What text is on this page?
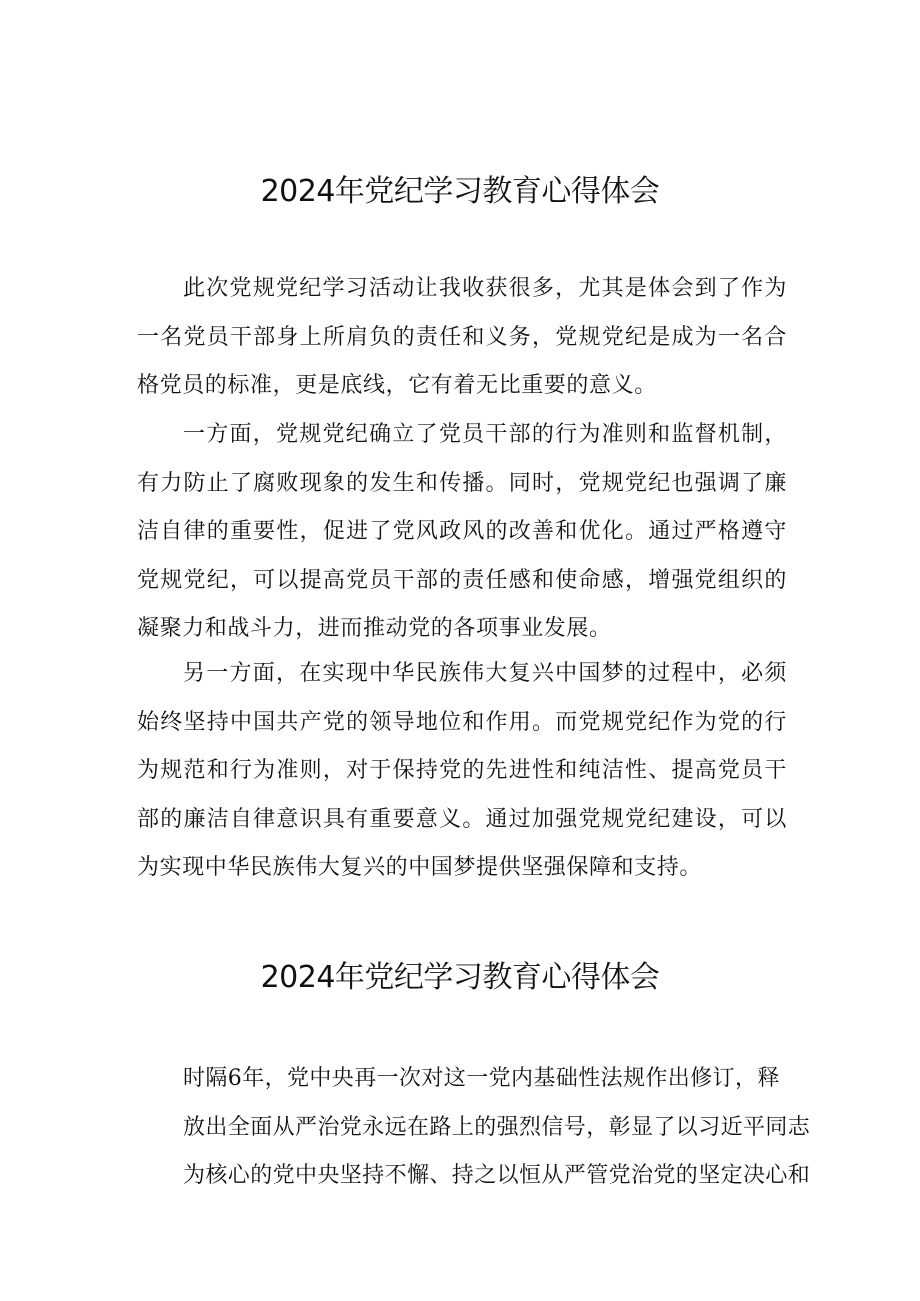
2024年党纪学习教育心得体会

此次党规党纪学习活动让我收获很多，尤其是体会到了作为一名党员干部身上所肩负的责任和义务，党规党纪是成为一名合格党员的标准，更是底线，它有着无比重要的意义。

一方面，党规党纪确立了党员干部的行为准则和监督机制，有力防止了腐败现象的发生和传播。同时，党规党纪也强调了廉洁自律的重要性，促进了党风政风的改善和优化。通过严格遵守党规党纪，可以提高党员干部的责任感和使命感，增强党组织的凝聚力和战斗力，进而推动党的各项事业发展。

另一方面，在实现中华民族伟大复兴中国梦的过程中，必须始终坚持中国共产党的领导地位和作用。而党规党纪作为党的行为规范和行为准则，对于保持党的先进性和纯洁性、提高党员干部的廉洁自律意识具有重要意义。通过加强党规党纪建设，可以为实现中华民族伟大复兴的中国梦提供坚强保障和支持。

2024年党纪学习教育心得体会

时隔6年，党中央再一次对这一党内基础性法规作出修订，释
放出全面从严治党永远在路上的强烈信号，彰显了以习近平同志
为核心的党中央坚持不懈、持之以恒从严管党治党的坚定决心和
